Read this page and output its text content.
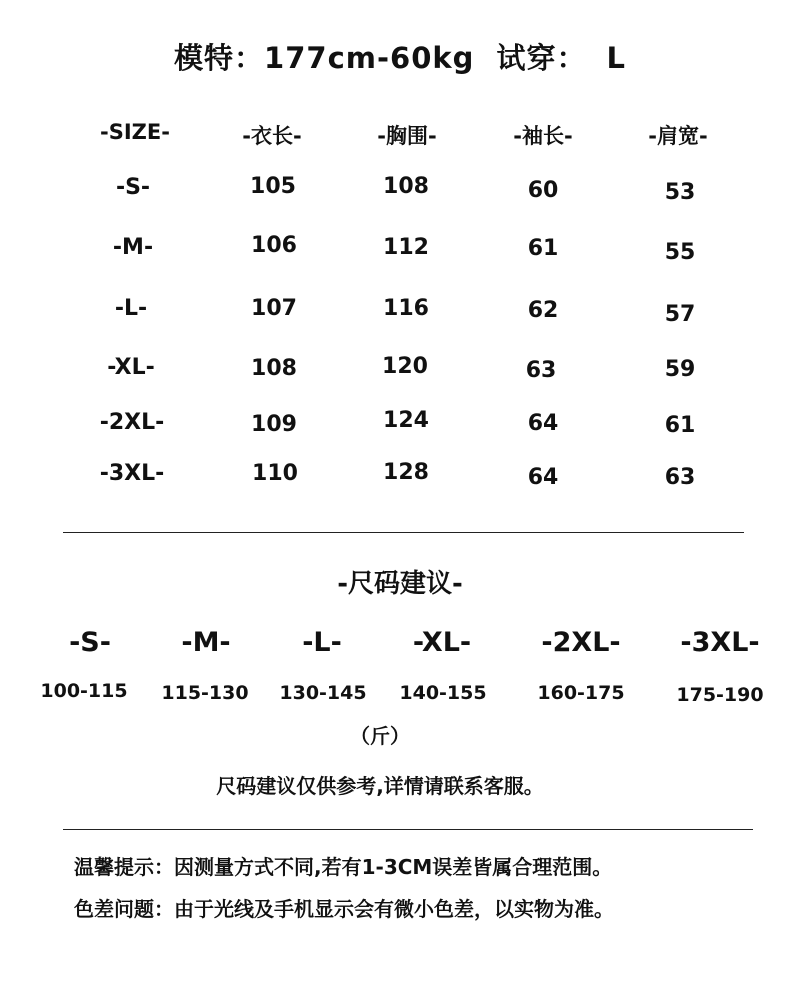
模特：177cm-60kg 试穿： L
-SIZE-	-衣长-	-胸围-	-袖长-	-肩宽-
-S-	105	108	60	53
-M-	106	112	61	55
-L-	107	116	62	57
-XL-	108	120	63	59
-2XL-	109	124	64	61
-3XL-	110	128	64	63
-尺码建议-
-S-	-M-	-L-	-XL-	-2XL- -3XL-
100-115 115-130 130-145 140-155	160-175	175-190
（斤）
尺码建议仅供参考,详情请联系客服。
温馨提示：因测量方式不同,若有1-3CM误差皆属合理范围。
色差问题：由于光线及手机显示会有微小色差，以实物为准。
